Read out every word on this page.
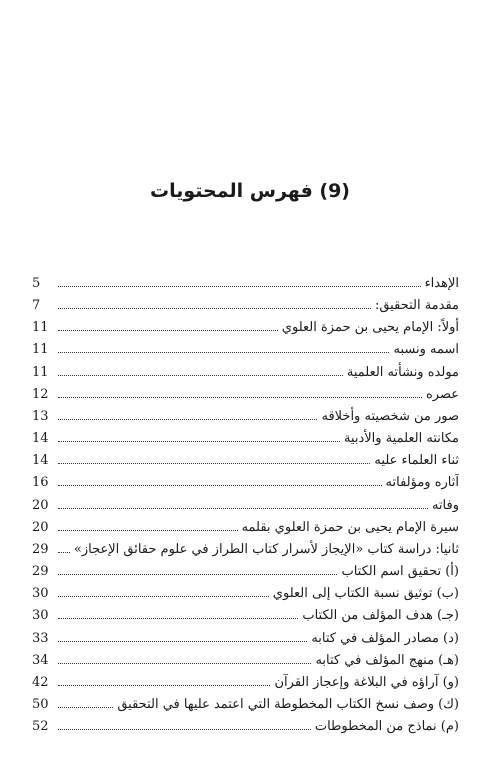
(9) فهرس المحتويات
الإهداء
5
مقدمة التحقيق:
7
أولاً: الإمام يحيى بن حمزة العلوي
11
اسمه ونسبه
11
مولده ونشأته العلمية
11
عصره
12
صور من شخصيته وأخلاقه
13
مكانته العلمية والأدبية
14
ثناء العلماء عليه
14
آثاره ومؤلفاته
16
وفاته
20
سيرة الإمام يحيى بن حمزة العلوي بقلمه
20
ثانيا: دراسة كتاب «الإيجاز لأسرار كتاب الطراز في علوم حقائق الإعجاز»
29
(أ) تحقيق اسم الكتاب
29
(ب) توثيق نسبة الكتاب إلى العلوي
30
(جـ) هدف المؤلف من الكتاب
30
(د) مصادر المؤلف في كتابه
33
(هـ) منهج المؤلف في كتابه
34
(و) آراؤه في البلاغة وإعجاز القرآن
42
(ك) وصف نسخ الكتاب المخطوطة التي اعتمد عليها في التحقيق
50
(م) نماذج من المخطوطات
52
